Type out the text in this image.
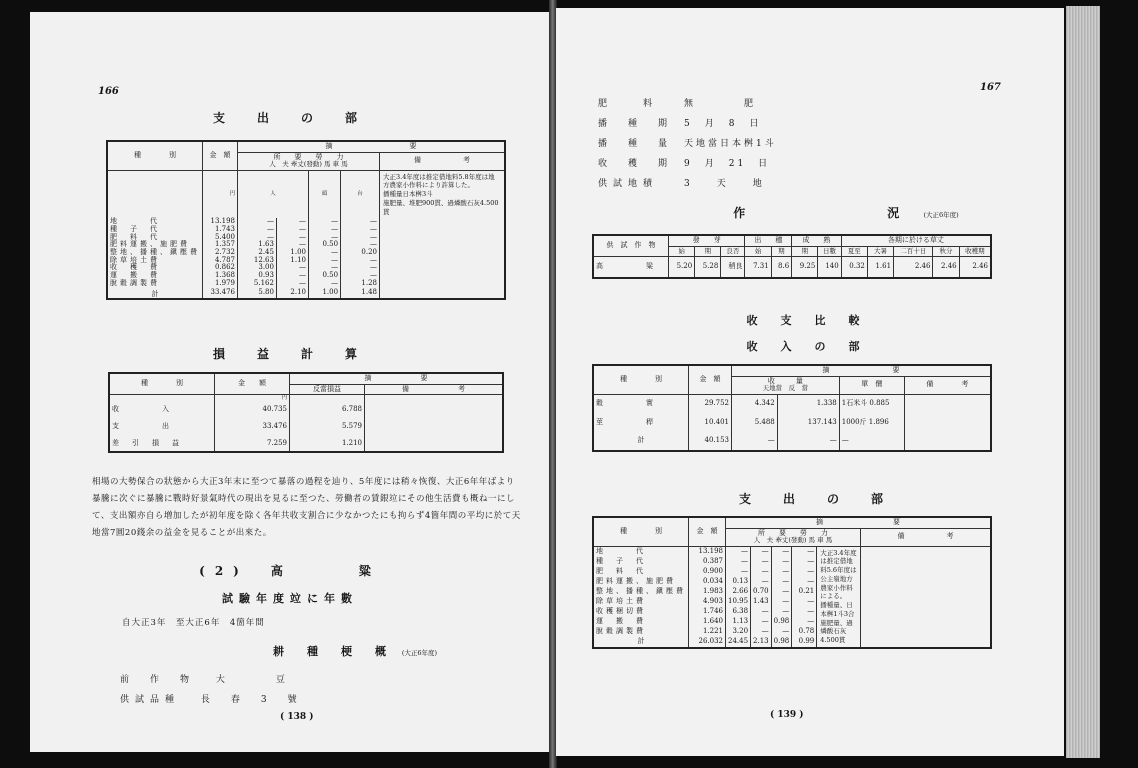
166
支　出　の　部
種　　　　別	金　額	摘　　　　　　　　　　　要				

		所　　要　　勞　　力
人　夫 牽丈(發動) 馬 車 馬				備　　　　　　考
	円	人		頭	台	大正3.4年度は推定借地料5.8年度は地方農家小作料により許算した。
播種量日本桝3斗
施肥量、堆肥900貫、過燐酸石灰4.500貫

地　　　代	13.198	—	—	—	—	
種　子　代	1.743	—	—	—	—	
肥　料　代	5.400	—	—	—	—	
肥料運搬、施肥費	1.357	1.63	—	0.50	—	
整地、播種、鎭壓費	2.732	2.45	1.00	—	0.20	
除草培土費	4.787	12.63	1.10	—	—	
收　穫　費	0.862	3.00	—	—	—	
運　搬　費	1.368	0.93	—	0.50	—	
脫穀調製費	1.979	5.162	—	—	1.28	
計	33.476	5.80	2.10	1.00	1.48	
損　益　計　算
種　　　　別	金　　額	摘　　　　　　　要	
		反當損益	備　　　　　　　考
	円		
收　　　　入	40.735	6.788	
支　　　　出	33.476	5.579	
差　引　損　益	7.259	1.210	
相場の大勢保合の狀態から大正3年末に至つて暴落の過程を辿り、5年度には稍々恢復、大正6年年ばより暴騰に次ぐに暴騰に戰時好景氣時代の現出を見るに至つた、勞働者の賃銀竝にその他生活費も概ね一にして、支出額亦自ら増加したが初年度を除く各年共收支割合に少なかつたにも拘らず4箇年間の平均に於て天地當7圓20錢余の益金を見ることが出來た。
(2)　高　　　粱
試驗年度竝に年數
自大正3年　至大正6年　4箇年間
耕　種　梗　概 (大正6年度)
前　作　物 大　　　豆
供試品種 長　春　3　號
( 138 )
167
肥　　料	無　　　　肥
播　種　期 5　月　8　日
播　種　量 天地當日本桝1斗
收　穫　期 9　月　21　日
供試地積	3　　天　　地
作　　　　　　況 (大正6年度)
供　試　作　物	發　　芽			出　　穗		成　　熟		各期に於ける草丈				
	始	期	良否	始	期	期	日數	夏至	大暑	二百十日	秋分	收穫期
高　　　　粱	5.20	5.28	稍良	7.31	8.6	9.25	140	0.32	1.61	2.46	2.46	2.46
收　支　比　較
收　入　の　部
種　　　　別	金　額	摘　　　　　　　　　要			

		收　　　量
天地當　 反　當		單　價	備　　　　考
穀　　　　實	29.752	4.342	1.338	1石米斗 0.885	
莖　　　　稈	10.401	5.488	137.143	1000斤 1.896	
計	40.153	—	—	—	
支　出　の　部
種　　　　別	金　額	摘　　　　　　　　　　要					

		所　　要　　勞　　力
人　夫 牽丈(發動) 馬 車 馬					備　　　　　　考
地　　　代	13.198	—	—	—	—	大正3.4年度は推定借地料5.6年度は公主嶺地方農家小作料による。
播種量、日本桝1斗3合
施肥量、過燐酸石灰4.500貫	

種　子　代	0.387	—	—	—	—		
肥　料　代	0.900	—	—	—	—		
肥料運搬、施肥費	0.034	0.13	—	—	—		
整地、播種、鎭壓費	1.983	2.66	0.70	—	0.21		
除草培土費	4.903	10.95	1.43	—	—		
收穫梱切費	1.746	6.38	—	—	—		
運　搬　費	1.640	1.13	—	0.98	—		
脫穀調製費	1.221	3.20	—	—	0.78		
計	26.032	24.45	2.13	0.98	0.99		
( 139 )
